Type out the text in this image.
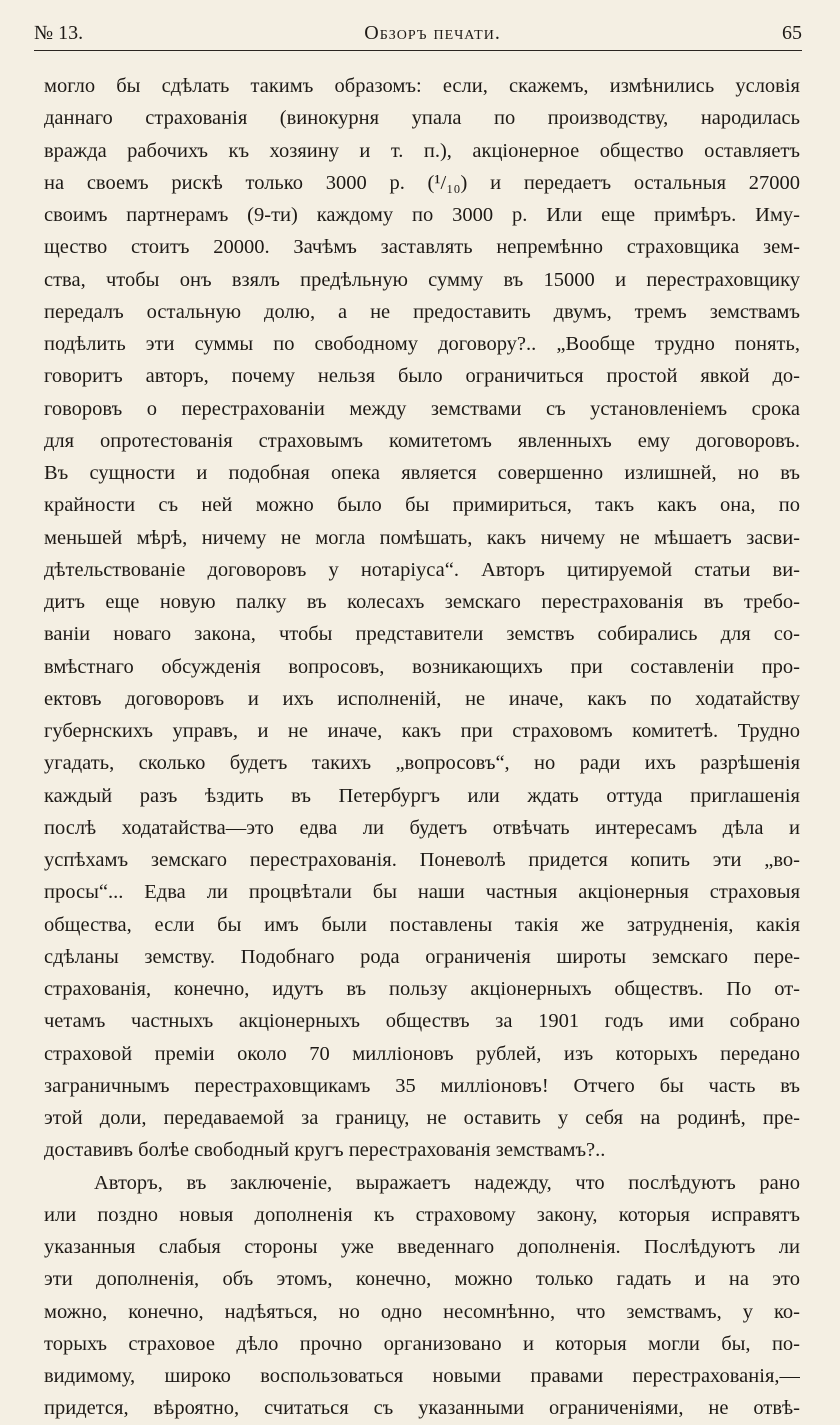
№ 13.	Обзоръ печати.	65
могло бы сдѣлать такимъ образомъ: если, скажемъ, измѣнились условія
даннаго страхованія (винокурня упала по производству, народилась
вражда рабочихъ къ хозяину и т. п.), акціонерное общество оставляетъ
на своемъ рискѣ только 3000 р. (¹/₁₀) и передаетъ остальныя 27000
своимъ партнерамъ (9-ти) каждому по 3000 р. Или еще примѣръ. Иму-
щество стоитъ 20000. Зачѣмъ заставлять непремѣнно страховщика зем-
ства, чтобы онъ взялъ предѣльную сумму въ 15000 и перестраховщику
передалъ остальную долю, а не предоставить двумъ, тремъ земствамъ
подѣлить эти суммы по свободному договору?.. „Вообще трудно понять,
говоритъ авторъ, почему нельзя было ограничиться простой явкой до-
говоровъ о перестрахованіи между земствами съ установленіемъ срока
для опротестованія страховымъ комитетомъ явленныхъ ему договоровъ.
Въ сущности и подобная опека является совершенно излишней, но въ
крайности съ ней можно было бы примириться, такъ какъ она, по
меньшей мѣрѣ, ничему не могла помѣшать, какъ ничему не мѣшаетъ засви-
дѣтельствованіе договоровъ у нотаріуса“. Авторъ цитируемой статьи ви-
дитъ еще новую палку въ колесахъ земскаго перестрахованія въ требо-
ваніи новаго закона, чтобы представители земствъ собирались для со-
вмѣстнаго обсужденія вопросовъ, возникающихъ при составленіи про-
ектовъ договоровъ и ихъ исполненій, не иначе, какъ по ходатайству
губернскихъ управъ, и не иначе, какъ при страховомъ комитетѣ. Трудно
угадать, сколько будетъ такихъ „вопросовъ“, но ради ихъ разрѣшенія
каждый разъ ѣздить въ Петербургъ или ждать оттуда приглашенія
послѣ ходатайства—это едва ли будетъ отвѣчать интересамъ дѣла и
успѣхамъ земскаго перестрахованія. Поневолѣ придется копить эти „во-
просы“... Едва ли процвѣтали бы наши частныя акціонерныя страховыя
общества, если бы имъ были поставлены такія же затрудненія, какія
сдѣланы земству. Подобнаго рода ограниченія широты земскаго пере-
страхованія, конечно, идутъ въ пользу акціонерныхъ обществъ. По от-
четамъ частныхъ акціонерныхъ обществъ за 1901 годъ ими собрано
страховой преміи около 70 милліоновъ рублей, изъ которыхъ передано
заграничнымъ перестраховщикамъ 35 милліоновъ! Отчего бы часть въ
этой доли, передаваемой за границу, не оставить у себя на родинѣ, пре-
доставивъ болѣе свободный кругъ перестрахованія земствамъ?..
Авторъ, въ заключеніе, выражаетъ надежду, что послѣдуютъ рано
или поздно новыя дополненія къ страховому закону, которыя исправятъ
указанныя слабыя стороны уже введеннаго дополненія. Послѣдуютъ ли
эти дополненія, объ этомъ, конечно, можно только гадать и на это
можно, конечно, надѣяться, но одно несомнѣнно, что земствамъ, у ко-
торыхъ страховое дѣло прочно организовано и которыя могли бы, по-
видимому, широко воспользоваться новыми правами перестрахованія,—
придется, вѣроятно, считаться съ указанными ограниченіями, не отвѣ-
